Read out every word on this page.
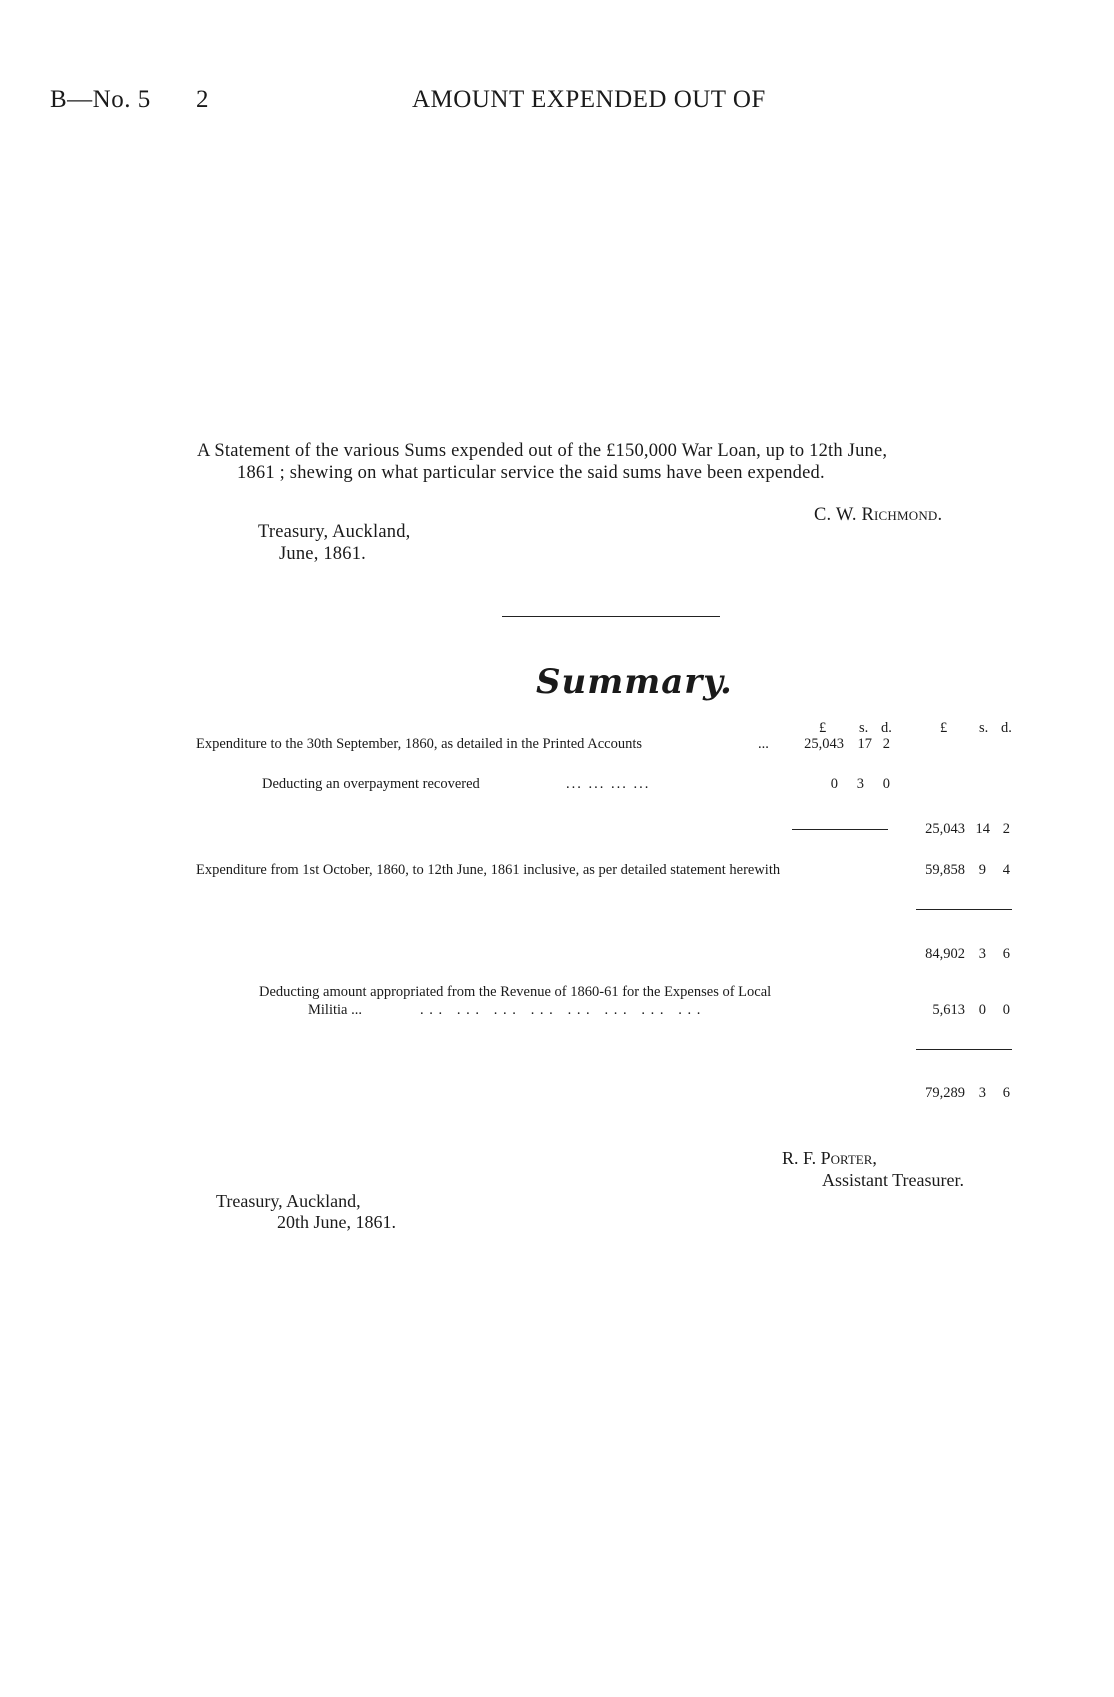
B—No. 5 2	AMOUNT EXPENDED OUT OF
A Statement of the various Sums expended out of the £150,000 War Loan, up to 12th June,
1861 ; shewing on what particular service the said sums have been expended.
C. W. Richmond.
Treasury, Auckland,
June, 1861.
Summary.
£ s. d.	£ s. d.
Expenditure to the 30th September, 1860, as detailed in the Printed Accounts	...	25,043 17 2
Deducting an overpayment recovered	... ... ... ...	0	3	0
25,043 14 2
Expenditure from 1st October, 1860, to 12th June, 1861 inclusive, as per detailed statement herewith	59,858 9	4
84,902 3	6
Deducting amount appropriated from the Revenue of 1860-61 for the Expenses of Local
Militia ...	... ... ... ... ... ... ... ...	5,613 0	0
79,289 3	6
R. F. Porter,
Assistant Treasurer.
Treasury, Auckland,
20th June, 1861.
